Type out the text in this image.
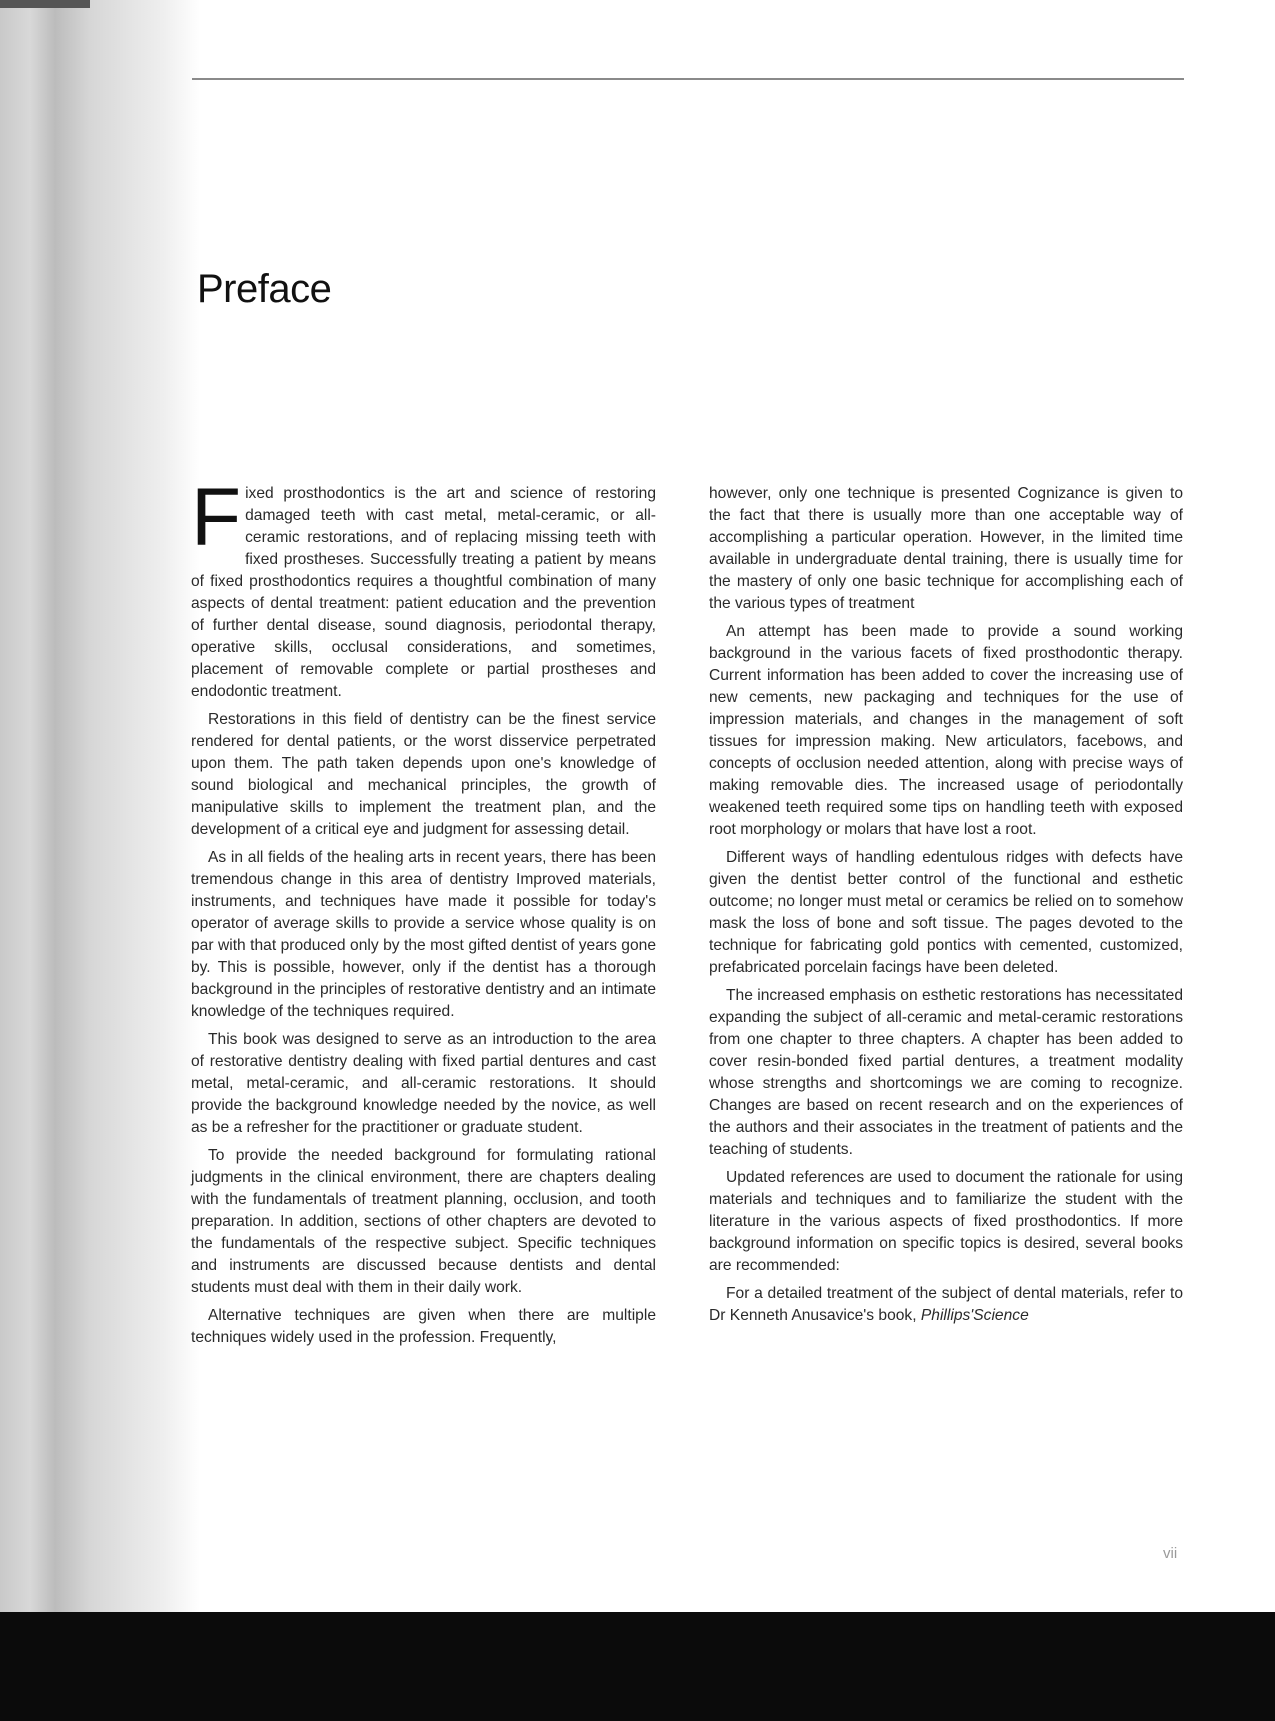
Preface

Fixed prosthodontics is the art and science of restoring damaged teeth with cast metal, metal-ceramic, or all-ceramic restorations, and of replacing missing teeth with fixed prostheses. Successfully treating a patient by means of fixed prosthodontics requires a thoughtful combination of many aspects of dental treatment: patient education and the prevention of further dental disease, sound diagnosis, periodontal therapy, operative skills, occlusal considerations, and sometimes, placement of removable complete or partial prostheses and endodontic treatment.

Restorations in this field of dentistry can be the finest service rendered for dental patients, or the worst disservice perpetrated upon them. The path taken depends upon one's knowledge of sound biological and mechanical principles, the growth of manipulative skills to implement the treatment plan, and the development of a critical eye and judgment for assessing detail.

As in all fields of the healing arts in recent years, there has been tremendous change in this area of dentistry Improved materials, instruments, and techniques have made it possible for today's operator of average skills to provide a service whose quality is on par with that produced only by the most gifted dentist of years gone by. This is possible, however, only if the dentist has a thorough background in the principles of restorative dentistry and an intimate knowledge of the techniques required.

This book was designed to serve as an introduction to the area of restorative dentistry dealing with fixed partial dentures and cast metal, metal-ceramic, and all-ceramic restorations. It should provide the background knowledge needed by the novice, as well as be a refresher for the practitioner or graduate student.

To provide the needed background for formulating rational judgments in the clinical environment, there are chapters dealing with the fundamentals of treatment planning, occlusion, and tooth preparation. In addition, sections of other chapters are devoted to the fundamentals of the respective subject. Specific techniques and instruments are discussed because dentists and dental students must deal with them in their daily work.

Alternative techniques are given when there are multiple techniques widely used in the profession. Frequently,

however, only one technique is presented Cognizance is given to the fact that there is usually more than one acceptable way of accomplishing a particular operation. However, in the limited time available in undergraduate dental training, there is usually time for the mastery of only one basic technique for accomplishing each of the various types of treatment

An attempt has been made to provide a sound working background in the various facets of fixed prosthodontic therapy. Current information has been added to cover the increasing use of new cements, new packaging and techniques for the use of impression materials, and changes in the management of soft tissues for impression making. New articulators, facebows, and concepts of occlusion needed attention, along with precise ways of making removable dies. The increased usage of periodontally weakened teeth required some tips on handling teeth with exposed root morphology or molars that have lost a root.

Different ways of handling edentulous ridges with defects have given the dentist better control of the functional and esthetic outcome; no longer must metal or ceramics be relied on to somehow mask the loss of bone and soft tissue. The pages devoted to the technique for fabricating gold pontics with cemented, customized, prefabricated porcelain facings have been deleted.

The increased emphasis on esthetic restorations has necessitated expanding the subject of all-ceramic and metal-ceramic restorations from one chapter to three chapters. A chapter has been added to cover resin-bonded fixed partial dentures, a treatment modality whose strengths and shortcomings we are coming to recognize. Changes are based on recent research and on the experiences of the authors and their associates in the treatment of patients and the teaching of students.

Updated references are used to document the rationale for using materials and techniques and to familiarize the student with the literature in the various aspects of fixed prosthodontics. If more background information on specific topics is desired, several books are recommended:

For a detailed treatment of the subject of dental materials, refer to Dr Kenneth Anusavice's book, Phillips'Science

vii
